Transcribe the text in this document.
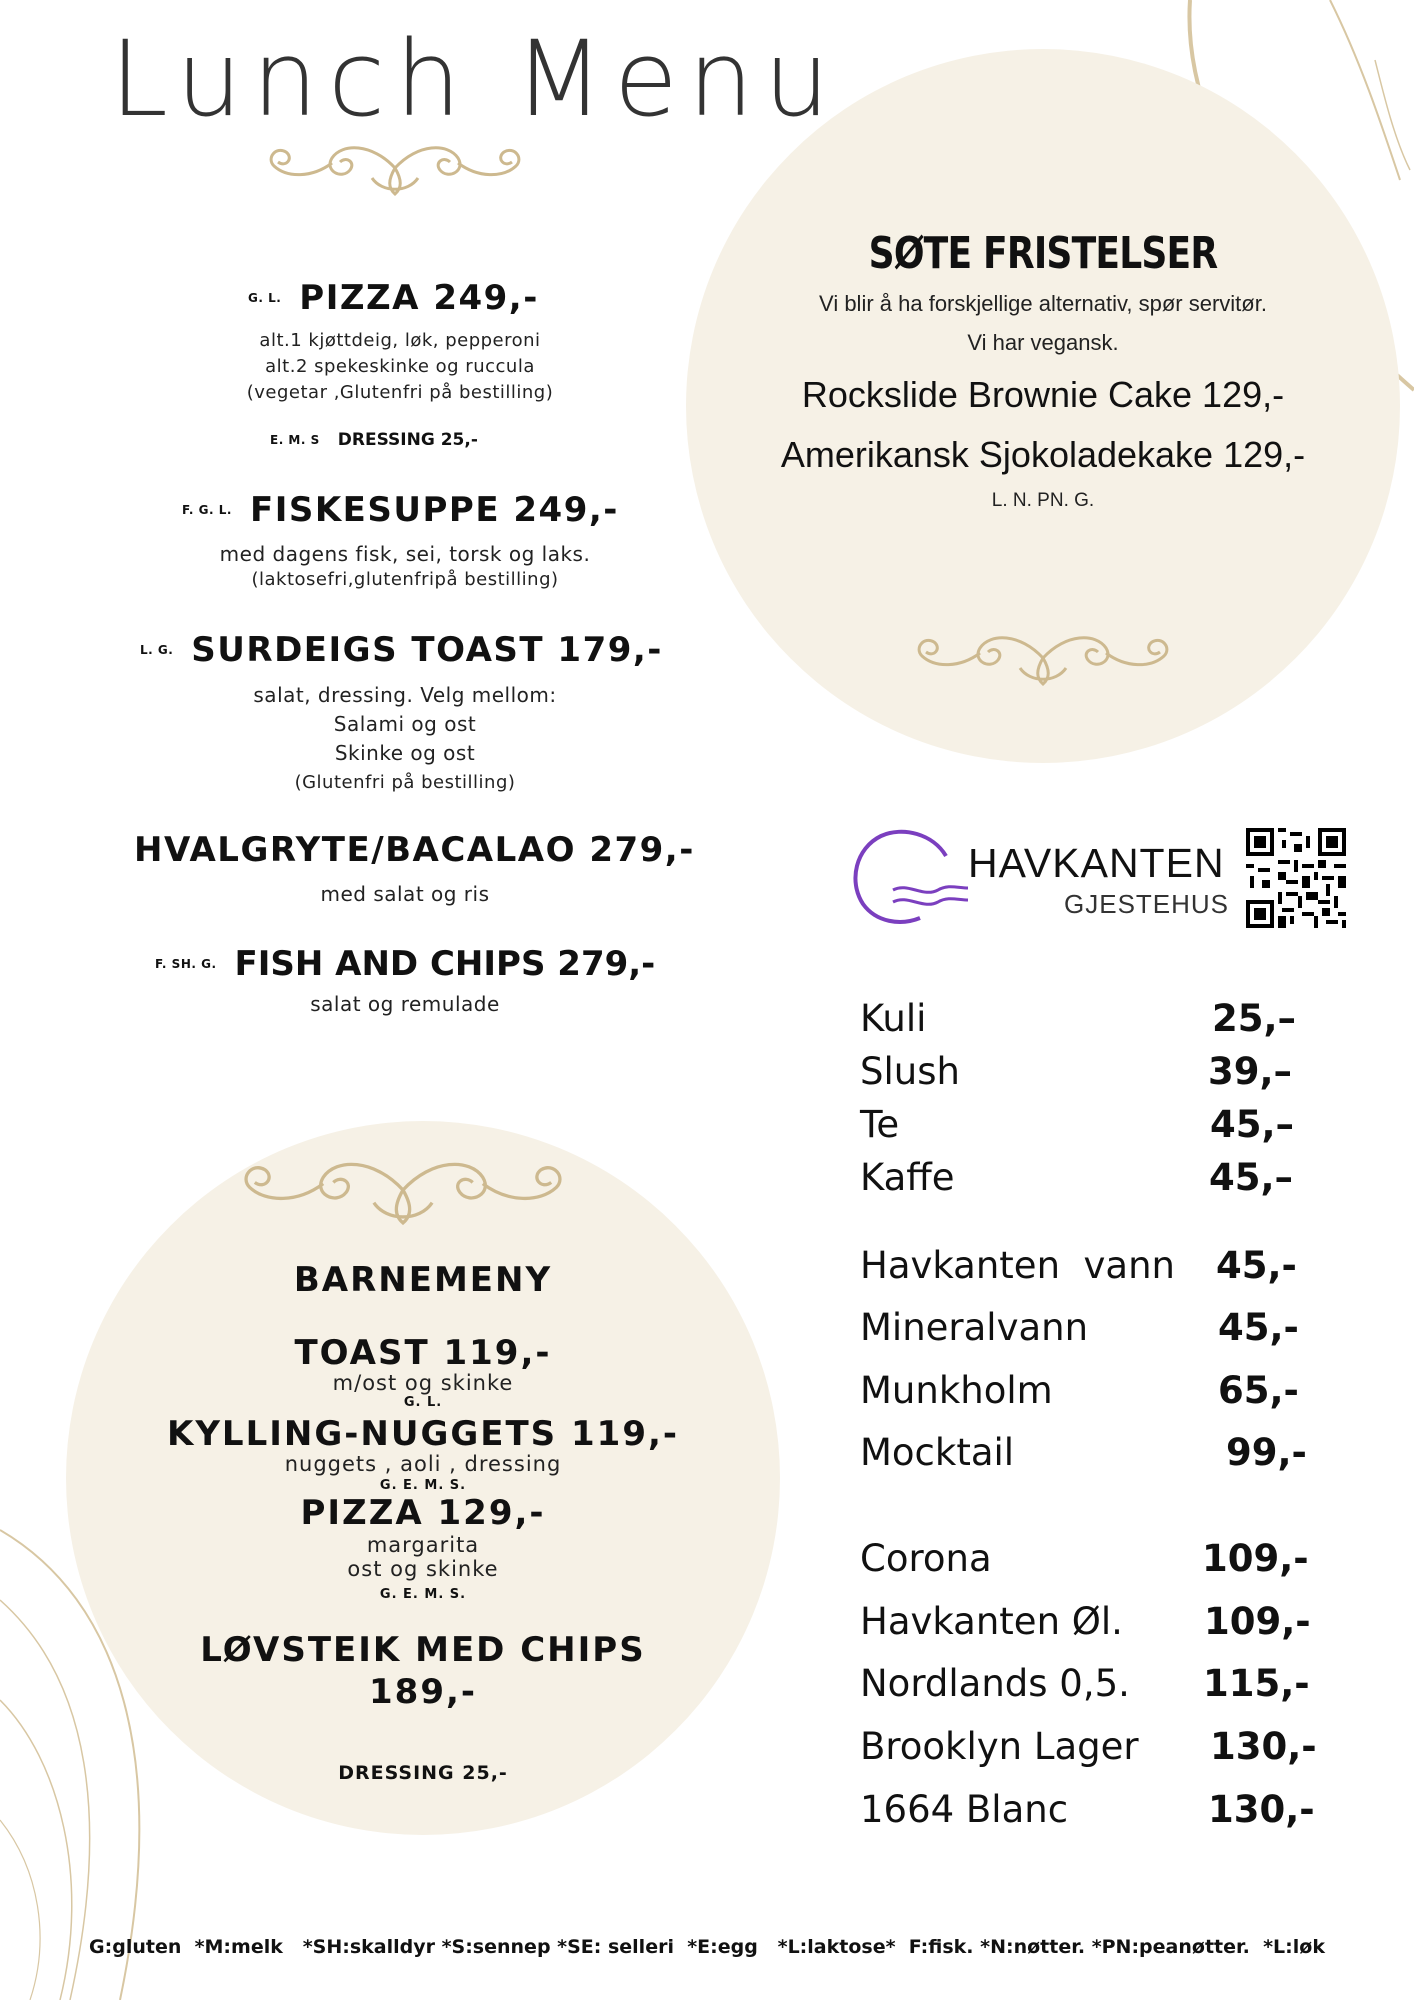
Lunch Menu
G. L. PIZZA 249,-
alt.1 kjøttdeig, løk, pepperoni
alt.2 spekeskinke og ruccula
(vegetar ,Glutenfri på bestilling)
E. M. S DRESSING 25,-
F. G. L. FISKESUPPE 249,-
med dagens fisk, sei, torsk og laks.
(laktosefri,glutenfripå bestilling)
L. G. SURDEIGS TOAST 179,-
salat, dressing. Velg mellom:
Salami og ost
Skinke og ost
(Glutenfri på bestilling)
HVALGRYTE/BACALAO 279,-
med salat og ris
F. SH. G. FISH AND CHIPS 279,-
salat og remulade
SØTE FRISTELSER
Vi blir å ha forskjellige alternativ, spør servitør.
Vi har vegansk.
Rockslide Brownie Cake 129,-
Amerikansk Sjokoladekake 129,-
L. N. PN. G.
HAVKANTEN
GJESTEHUS
Kuli	25,–
Slush	39,–
Te	45,–
Kaffe	45,–
Havkanten  vann 45,-
Mineralvann	45,-
Munkholm	65,-
Mocktail	99,-
Corona	109,-
Havkanten Øl. 109,-
Nordlands 0,5. 115,-
Brooklyn Lager 130,-
1664 Blanc	130,-
BARNEMENY
TOAST 119,-
m/ost og skinke
G. L.
KYLLING-NUGGETS 119,-
nuggets , aoli , dressing
G. E. M. S.
PIZZA 129,-
margarita
ost og skinke
G. E. M. S.
LØVSTEIK MED CHIPS
189,-
DRESSING 25,-
G:gluten  *M:melk   *SH:skalldyr *S:sennep *SE: selleri  *E:egg   *L:laktose*  F:fisk. *N:nøtter. *PN:peanøtter.  *L:løk
